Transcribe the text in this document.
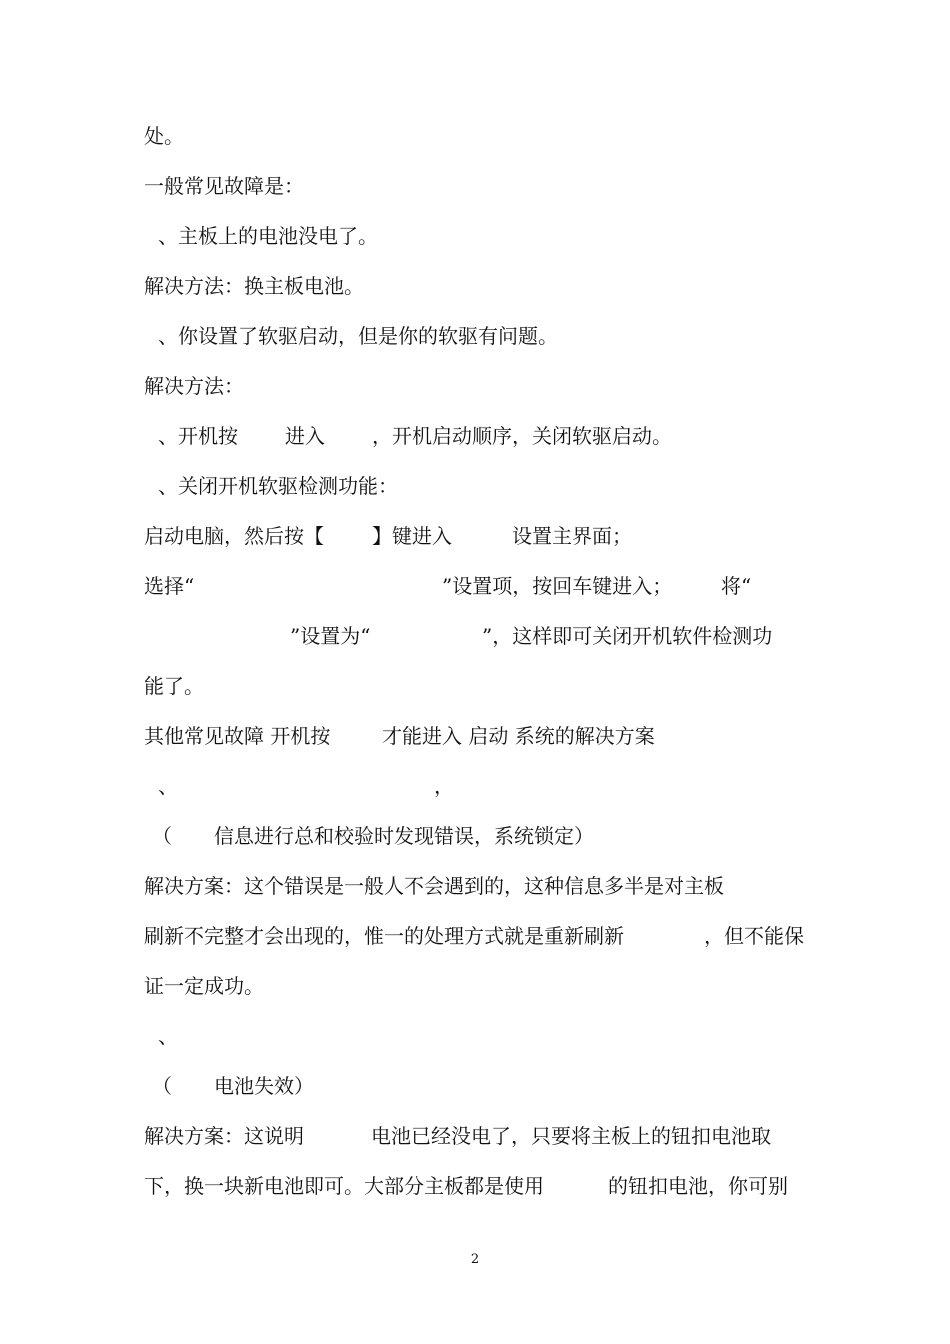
处。
一般常见故障是：
、主板上的电池没电了。
解决方法：换主板电池。
、你设置了软驱启动，但是你的软驱有问题。
解决方法：
、开机按 进入 ，开机启动顺序，关闭软驱启动。
、关闭开机软驱检测功能：
启动电脑，然后按【 】键进入	设置主界面；
选择“	”设置项，按回车键进入； 将“
”设置为“	”，这样即可关闭开机软件检测功
能了。
其他常见故障 开机按	才能进入 启动 系统的解决方案
、	，
（ 信息进行总和校验时发现错误，系统锁定）
解决方案：这个错误是一般人不会遇到的，这种信息多半是对主板
刷新不完整才会出现的，惟一的处理方式就是重新刷新	，但不能保
证一定成功。
、
（ 电池失效）
解决方案：这说明	电池已经没电了，只要将主板上的钮扣电池取
下，换一块新电池即可。大部分主板都是使用	的钮扣电池，你可别
2
